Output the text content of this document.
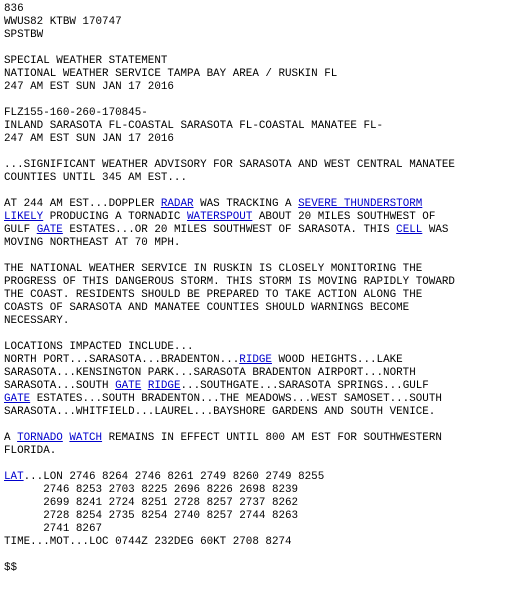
836
WWUS82 KTBW 170747
SPSTBW
SPECIAL WEATHER STATEMENT
NATIONAL WEATHER SERVICE TAMPA BAY AREA / RUSKIN FL
247 AM EST SUN JAN 17 2016
FLZ155-160-260-170845-
INLAND SARASOTA FL-COASTAL SARASOTA FL-COASTAL MANATEE FL-
247 AM EST SUN JAN 17 2016
...SIGNIFICANT WEATHER ADVISORY FOR SARASOTA AND WEST CENTRAL MANATEE
COUNTIES UNTIL 345 AM EST...
AT 244 AM EST...DOPPLER RADAR WAS TRACKING A SEVERE THUNDERSTORM
LIKELY PRODUCING A TORNADIC WATERSPOUT ABOUT 20 MILES SOUTHWEST OF
GULF GATE ESTATES...OR 20 MILES SOUTHWEST OF SARASOTA. THIS CELL WAS
MOVING NORTHEAST AT 70 MPH.
THE NATIONAL WEATHER SERVICE IN RUSKIN IS CLOSELY MONITORING THE
PROGRESS OF THIS DANGEROUS STORM. THIS STORM IS MOVING RAPIDLY TOWARD
THE COAST. RESIDENTS SHOULD BE PREPARED TO TAKE ACTION ALONG THE
COASTS OF SARASOTA AND MANATEE COUNTIES SHOULD WARNINGS BECOME
NECESSARY.
LOCATIONS IMPACTED INCLUDE...
NORTH PORT...SARASOTA...BRADENTON...RIDGE WOOD HEIGHTS...LAKE
SARASOTA...KENSINGTON PARK...SARASOTA BRADENTON AIRPORT...NORTH
SARASOTA...SOUTH GATE RIDGE...SOUTHGATE...SARASOTA SPRINGS...GULF
GATE ESTATES...SOUTH BRADENTON...THE MEADOWS...WEST SAMOSET...SOUTH
SARASOTA...WHITFIELD...LAUREL...BAYSHORE GARDENS AND SOUTH VENICE.
A TORNADO WATCH REMAINS IN EFFECT UNTIL 800 AM EST FOR SOUTHWESTERN
FLORIDA.
LAT...LON 2746 8264 2746 8261 2749 8260 2749 8255
2746 8253 2703 8225 2696 8226 2698 8239
2699 8241 2724 8251 2728 8257 2737 8262
2728 8254 2735 8254 2740 8257 2744 8263
2741 8267
TIME...MOT...LOC 0744Z 232DEG 60KT 2708 8274
$$
